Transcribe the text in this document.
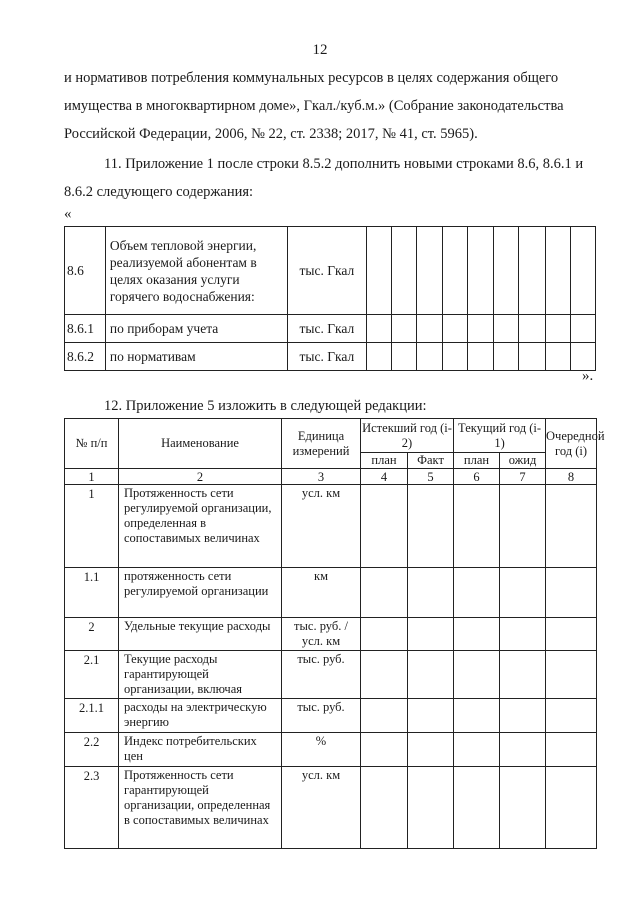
12

и нормативов потребления коммунальных ресурсов в целях содержания общего имущества в многоквартирном доме», Гкал./куб.м.» (Собрание законодательства Российской Федерации, 2006, № 22, ст. 2338; 2017, № 41, ст. 5965).

11. Приложение 1 после строки 8.5.2 дополнить новыми строками 8.6, 8.6.1 и 8.6.2 следующего содержания:

«
8.6	Объем тепловой энергии, реализуемой абонентам в целях оказания услуги горячего водоснабжения:	тыс. Гкал									
8.6.1	по приборам учета	тыс. Гкал									
8.6.2	по нормативам	тыс. Гкал									
».

12. Приложение 5 изложить в следующей редакции:

№ п/п	Наименование	Единица измерений	Истекший год (i-2)		Текущий год (i-1)		Очередной год (i)
			план	Факт	план	ожид	
1	2	3	4	5	6	7	8
1	Протяженность сети регулируемой организации, определенная в сопоставимых величинах	усл. км					
1.1	протяженность сети регулируемой организации	км					
2	Удельные текущие расходы	тыс. руб. / усл. км					
2.1	Текущие расходы гарантирующей организации, включая	тыс. руб.					
2.1.1	расходы на электрическую энергию	тыс. руб.					
2.2	Индекс потребительских цен	%					
2.3	Протяженность сети гарантирующей организации, определенная в сопоставимых величинах	усл. км					
